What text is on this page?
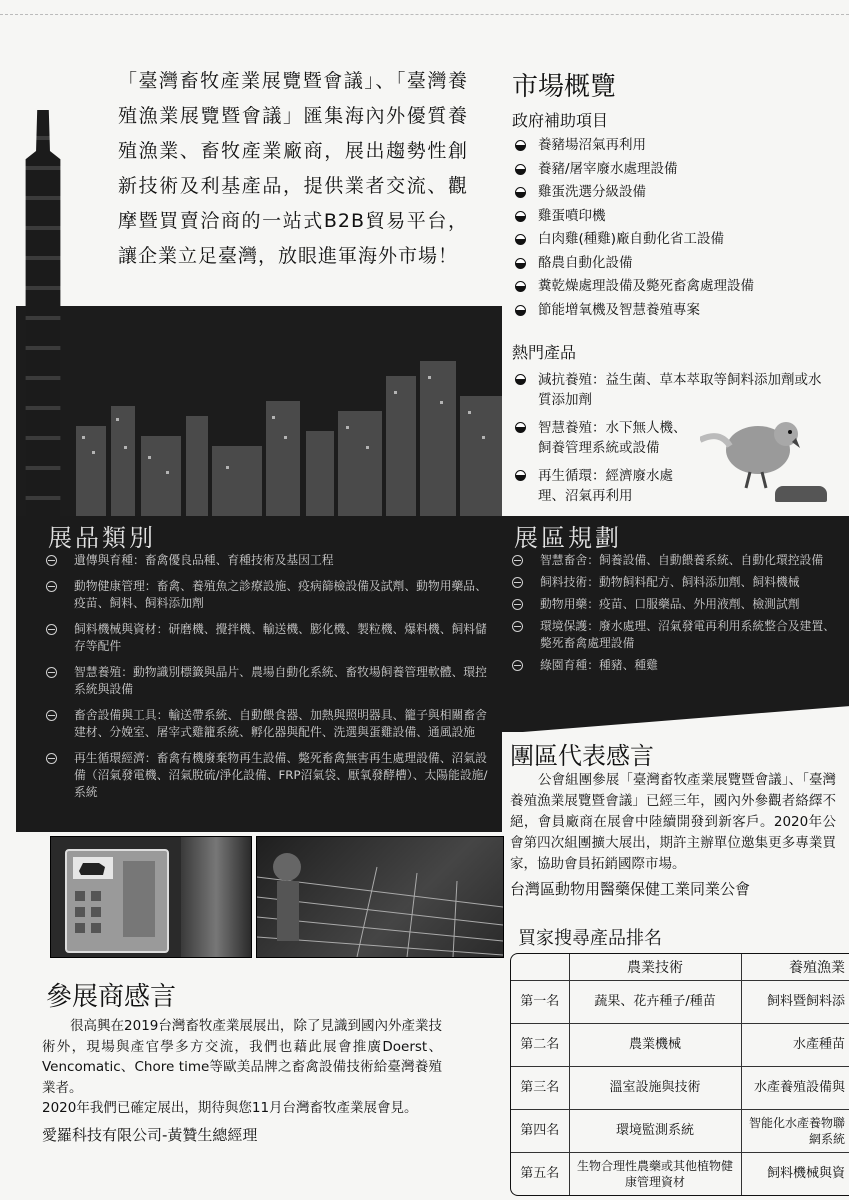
「臺灣畜牧產業展覽暨會議」、「臺灣養殖漁業展覽暨會議」匯集海內外優質養殖漁業、畜牧產業廠商，展出趨勢性創新技術及利基產品，提供業者交流、觀摩暨買賣洽商的一站式B2B貿易平台，讓企業立足臺灣，放眼進軍海外市場！
市場概覽
政府補助項目
養豬場沼氣再利用
養豬/屠宰廢水處理設備
雞蛋洗選分級設備
雞蛋噴印機
白肉雞(種雞)廠自動化省工設備
酪農自動化設備
糞乾燥處理設備及斃死畜禽處理設備
節能增氧機及智慧養殖專案
熱門產品
減抗養殖：益生菌、草本萃取等飼料添加劑或水質添加劑
智慧養殖：水下無人機、飼養管理系統或設備
再生循環：經濟廢水處理、沼氣再利用
展品類別
遺傳與育種：畜禽優良品種、育種技術及基因工程
動物健康管理：畜禽、養殖魚之診療設施、疫病篩檢設備及試劑、動物用藥品、疫苗、飼料、飼料添加劑
飼料機械與資材：研磨機、攪拌機、輸送機、膨化機、製粒機、爆料機、飼料儲存等配件
智慧養殖：動物識別標籤與晶片、農場自動化系統、畜牧場飼養管理軟體、環控系統與設備
畜舍設備與工具：輸送帶系統、自動餵食器、加熱與照明器具、籠子與相關畜舍建材、分娩室、屠宰式雞籠系統、孵化器與配件、洗選與蛋雞設備、通風設施
再生循環經濟：畜禽有機廢棄物再生設備、斃死畜禽無害再生處理設備、沼氣設備（沼氣發電機、沼氣脫硫/淨化設備、FRP沼氣袋、厭氧發酵槽）、太陽能設施/系統
展區規劃
智慧畜舍：飼養設備、自動餵養系統、自動化環控設備
飼料技術：動物飼料配方、飼料添加劑、飼料機械
動物用藥：疫苗、口服藥品、外用液劑、檢測試劑
環境保護：廢水處理、沼氣發電再利用系統整合及建置、斃死畜禽處理設備
綠園育種：種豬、種雞
參展商感言
很高興在2019台灣畜牧產業展展出，除了見識到國內外產業技術外，現場與產官學多方交流，我們也藉此展會推廣Doerst、Vencomatic、Chore time等歐美品牌之畜禽設備技術給臺灣養殖業者。
2020年我們已確定展出，期待與您11月台灣畜牧產業展會見。
愛羅科技有限公司-黃贊生總經理
團區代表感言
公會組團參展「臺灣畜牧產業展覽暨會議」、「臺灣養殖漁業展覽暨會議」已經三年，國內外參觀者絡繹不絕，會員廠商在展會中陸續開發到新客戶。2020年公會第四次組團擴大展出，期許主辦單位邀集更多專業買家，協助會員拓銷國際市場。
台灣區動物用醫藥保健工業同業公會
買家搜尋產品排名
	農業技術	養殖漁業
第一名	蔬果、花卉種子/種苗	飼料暨飼料添
第二名	農業機械	水產種苗
第三名	溫室設施與技術	水產養殖設備與
第四名	環境監測系統	智能化水產養物聯網系統
第五名	生物合理性農藥或其他植物健康管理資材	飼料機械與資
